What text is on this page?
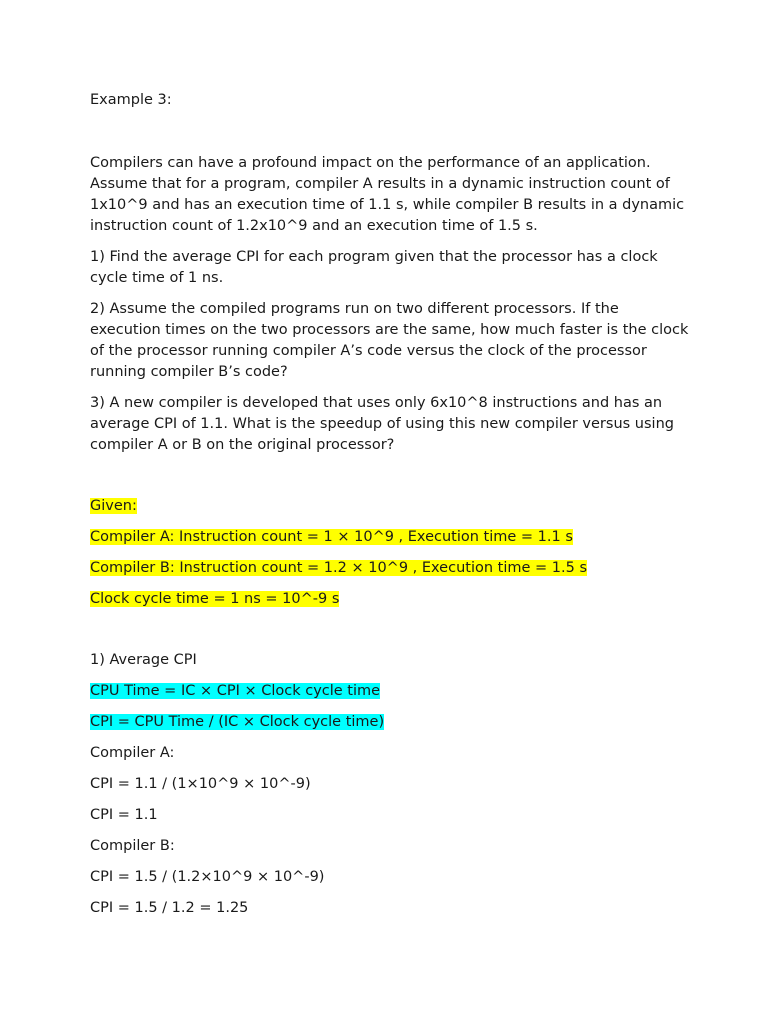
Example 3:

Compilers can have a profound impact on the performance of an application. Assume that for a program, compiler A results in a dynamic instruction count of 1x10^9 and has an execution time of 1.1 s, while compiler B results in a dynamic instruction count of 1.2x10^9 and an execution time of 1.5 s.

1) Find the average CPI for each program given that the processor has a clock cycle time of 1 ns.

2) Assume the compiled programs run on two different processors. If the execution times on the two processors are the same, how much faster is the clock of the processor running compiler A’s code versus the clock of the processor running compiler B’s code?

3) A new compiler is developed that uses only 6x10^8 instructions and has an average CPI of 1.1. What is the speedup of using this new compiler versus using compiler A or B on the original processor?

Given:

Compiler A: Instruction count = 1 × 10^9 , Execution time = 1.1 s

Compiler B: Instruction count = 1.2 × 10^9 , Execution time = 1.5 s

Clock cycle time = 1 ns = 10^-9 s

1) Average CPI

CPU Time = IC × CPI × Clock cycle time

CPI = CPU Time / (IC × Clock cycle time)

Compiler A:

CPI = 1.1 / (1×10^9 × 10^-9)

CPI = 1.1

Compiler B:

CPI = 1.5 / (1.2×10^9 × 10^-9)

CPI = 1.5 / 1.2 = 1.25
